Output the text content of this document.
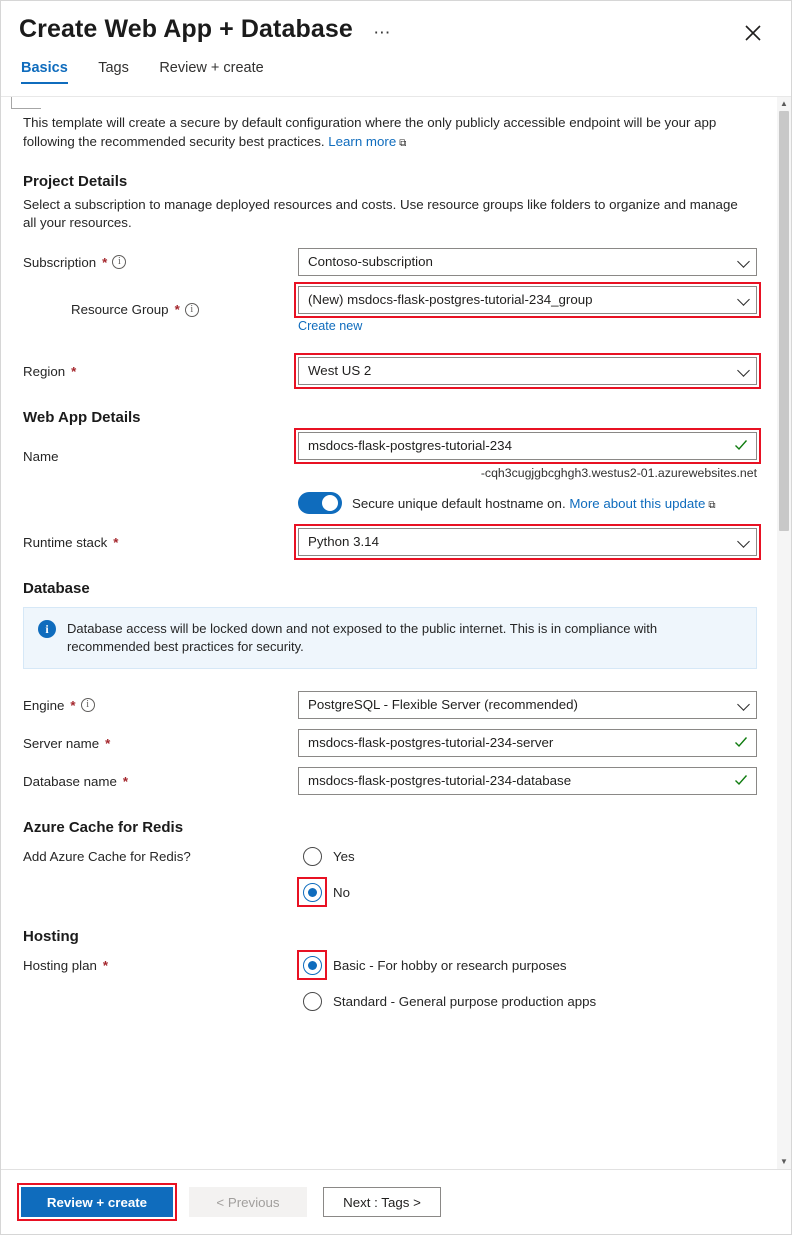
Create Web App + Database ⋯
Basics Tags Review + create

This template will create a secure by default configuration where the only publicly accessible endpoint will be your app following the recommended security best practices. Learn more ⧉

Project Details

Select a subscription to manage deployed resources and costs. Use resource groups like folders to organize and manage all your resources.

Subscription *	i	Contoso-subscription
Resource Group *	i
(New) msdocs-flask-postgres-tutorial-234_group
Create new
Region *	West US 2
Web App Details
Name
msdocs-flask-postgres-tutorial-234
-cqh3cugjgbcghgh3.westus2-01.azurewebsites.net
Secure unique default hostname on. More about this update ⧉
Runtime stack *	Python 3.14
Database
i	Database access will be locked down and not exposed to the public internet. This is in compliance with recommended best practices for security.
Engine *	i	PostgreSQL - Flexible Server (recommended)
Server name *	msdocs-flask-postgres-tutorial-234-server
Database name *	msdocs-flask-postgres-tutorial-234-database
Azure Cache for Redis
Add Azure Cache for Redis?	Yes
No
Hosting
Hosting plan *	Basic - For hobby or research purposes
Standard - General purpose production apps
▲
▼
Review + create	< Previous	Next : Tags >
